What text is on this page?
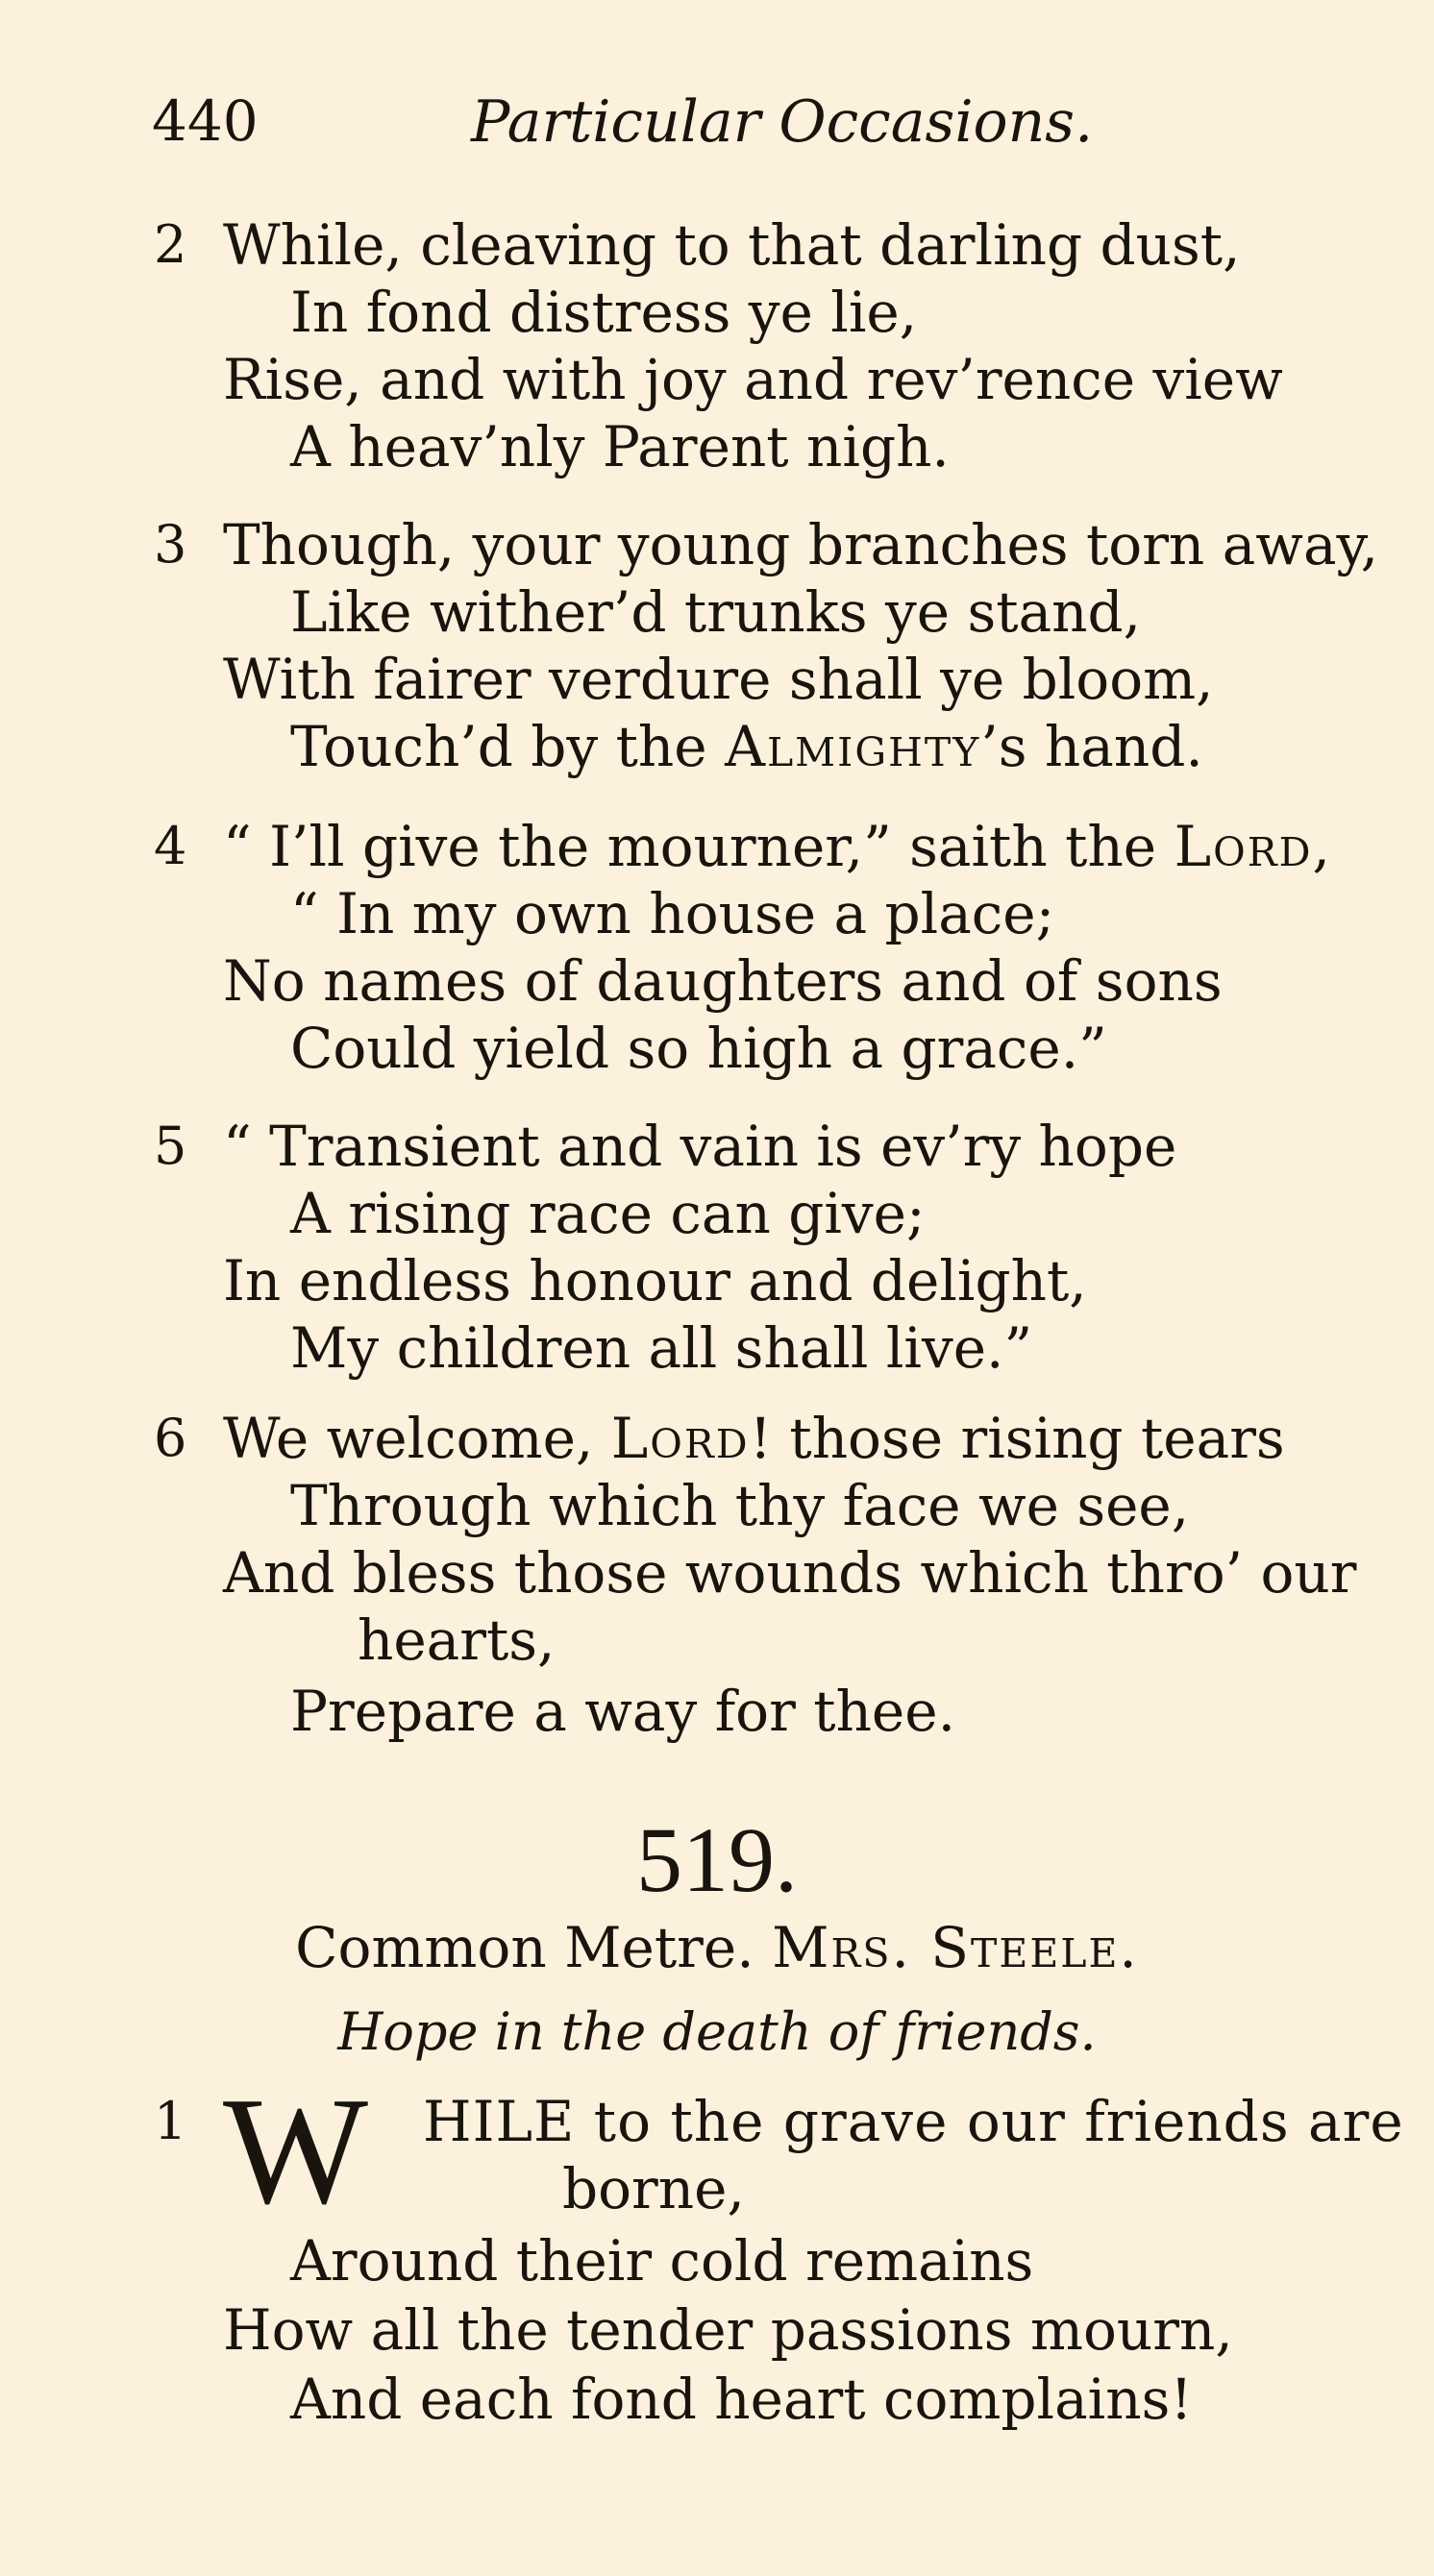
440	Particular Occasions.
2 While, cleaving to that darling dust,
In fond distress ye lie,
Rise, and with joy and rev’rence view
A heav’nly Parent nigh.
3 Though, your young branches torn away,
Like wither’d trunks ye stand,
With fairer verdure shall ye bloom,
Touch’d by the Almighty’s hand.
4 “ I’ll give the mourner,” saith the Lord,
“ In my own house a place;
No names of daughters and of sons
Could yield so high a grace.”
5 “ Transient and vain is ev’ry hope
A rising race can give;
In endless honour and delight,
My children all shall live.”
6 We welcome, Lord! those rising tears
Through which thy face we see,
And bless those wounds which thro’ our
hearts,
Prepare a way for thee.
519.
Common Metre. Mrs. Steele.
Hope in the death of friends.
1 W HILE to the grave our friends are
borne,
Around their cold remains
How all the tender passions mourn,
And each fond heart complains!
